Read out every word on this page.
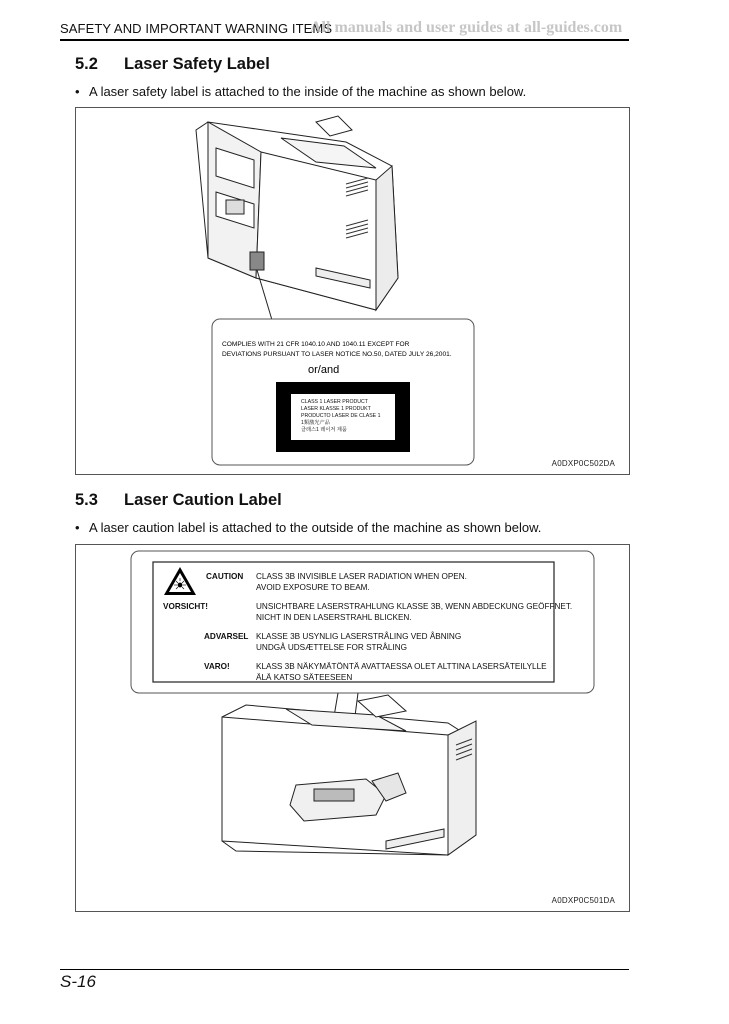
SAFETY AND IMPORTANT WARNING ITEMS
All manuals and user guides at all-guides.com
5.2 Laser Safety Label
• A laser safety label is attached to the inside of the machine as shown below.
COMPLIES WITH 21 CFR 1040.10 AND 1040.11 EXCEPT FOR
DEVIATIONS PURSUANT TO LASER NOTICE NO.50, DATED JULY 26,2001.
or/and
CLASS 1 LASER PRODUCT
LASER KLASSE 1 PRODUKT
PRODUCTO LASER DE CLASE 1
1類激光产品
클래스1 레이저 제품
A0DXP0C502DA
5.3 Laser Caution Label
• A laser caution label is attached to the outside of the machine as shown below.
CAUTION CLASS 3B INVISIBLE LASER RADIATION WHEN OPEN.
AVOID EXPOSURE TO BEAM.
VORSICHT!	UNSICHTBARE LASERSTRAHLUNG KLASSE 3B, WENN ABDECKUNG GEÖFFNET.
NICHT IN DEN LASERSTRAHL BLICKEN.
ADVARSEL KLASSE 3B USYNLIG LASERSTRÅLING VED ÅBNING
UNDGÅ UDSÆTTELSE FOR STRÅLING
VARO!	KLASS 3B NÄKYMÄTÖNTÄ AVATTAESSA OLET ALTTINA LASERSÄTEILYLLE
ÄLÄ KATSO SÄTEESEEN
A0DXP0C501DA
S-16
